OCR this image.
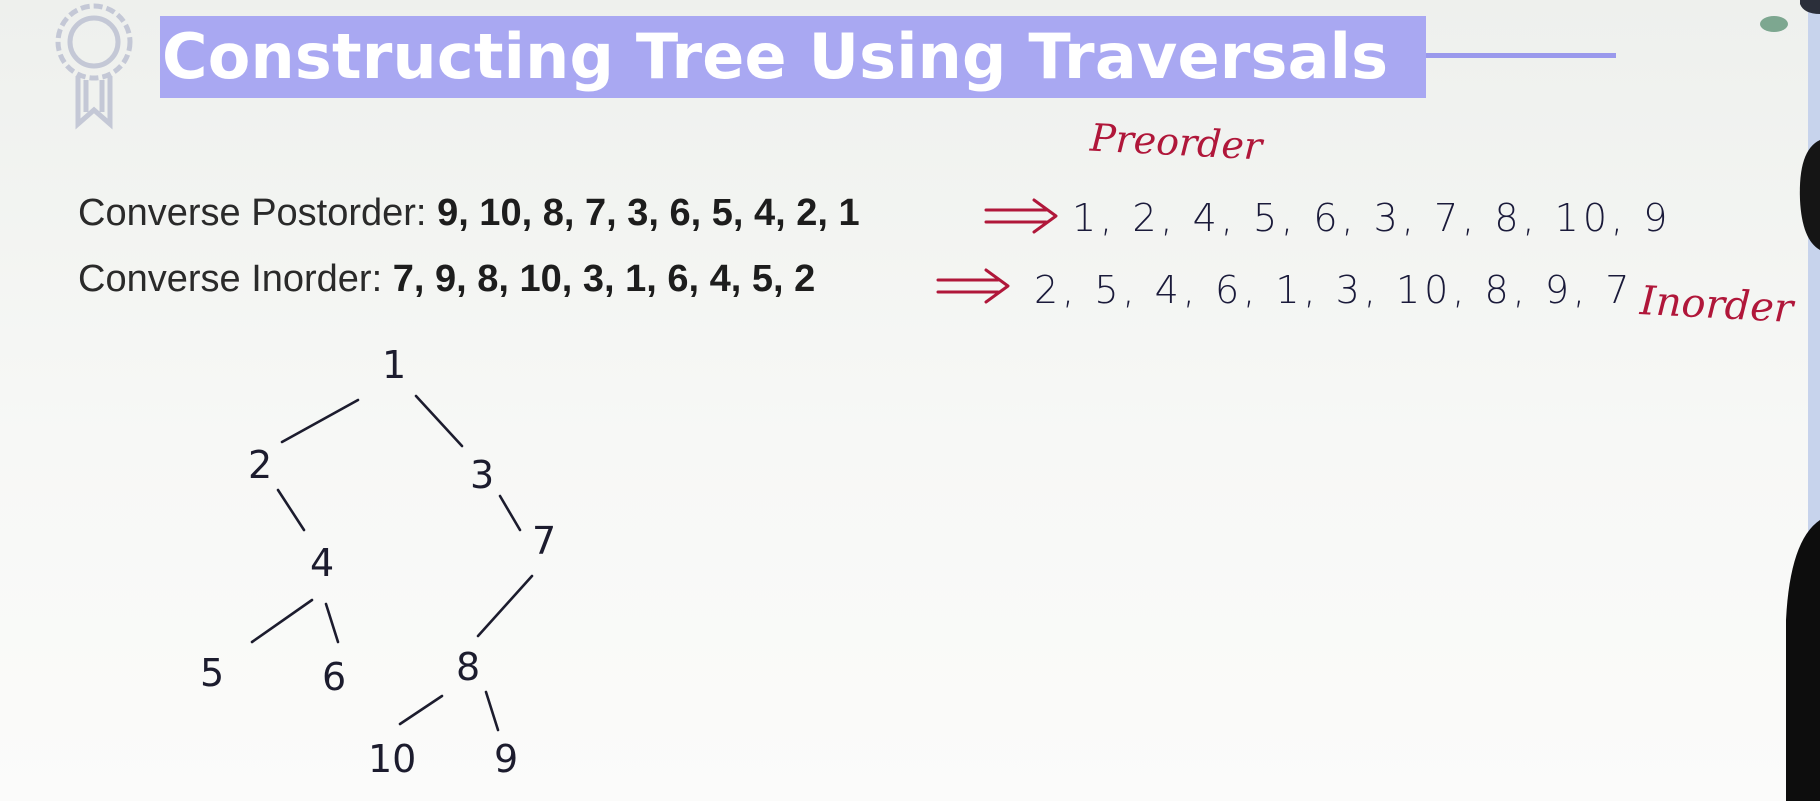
Constructing Tree Using Traversals
Preorder
Converse Postorder: 9, 10, 8, 7, 3, 6, 5, 4, 2, 1	1, 2, 4, 5, 6, 3, 7, 8, 10, 9
Converse Inorder: 7, 9, 8, 10, 3, 1, 6, 4, 5, 2	2, 5, 4, 6, 1, 3, 10, 8, 9, 7 Inorder
1
2	3
4
5	6
7
8
10 9
